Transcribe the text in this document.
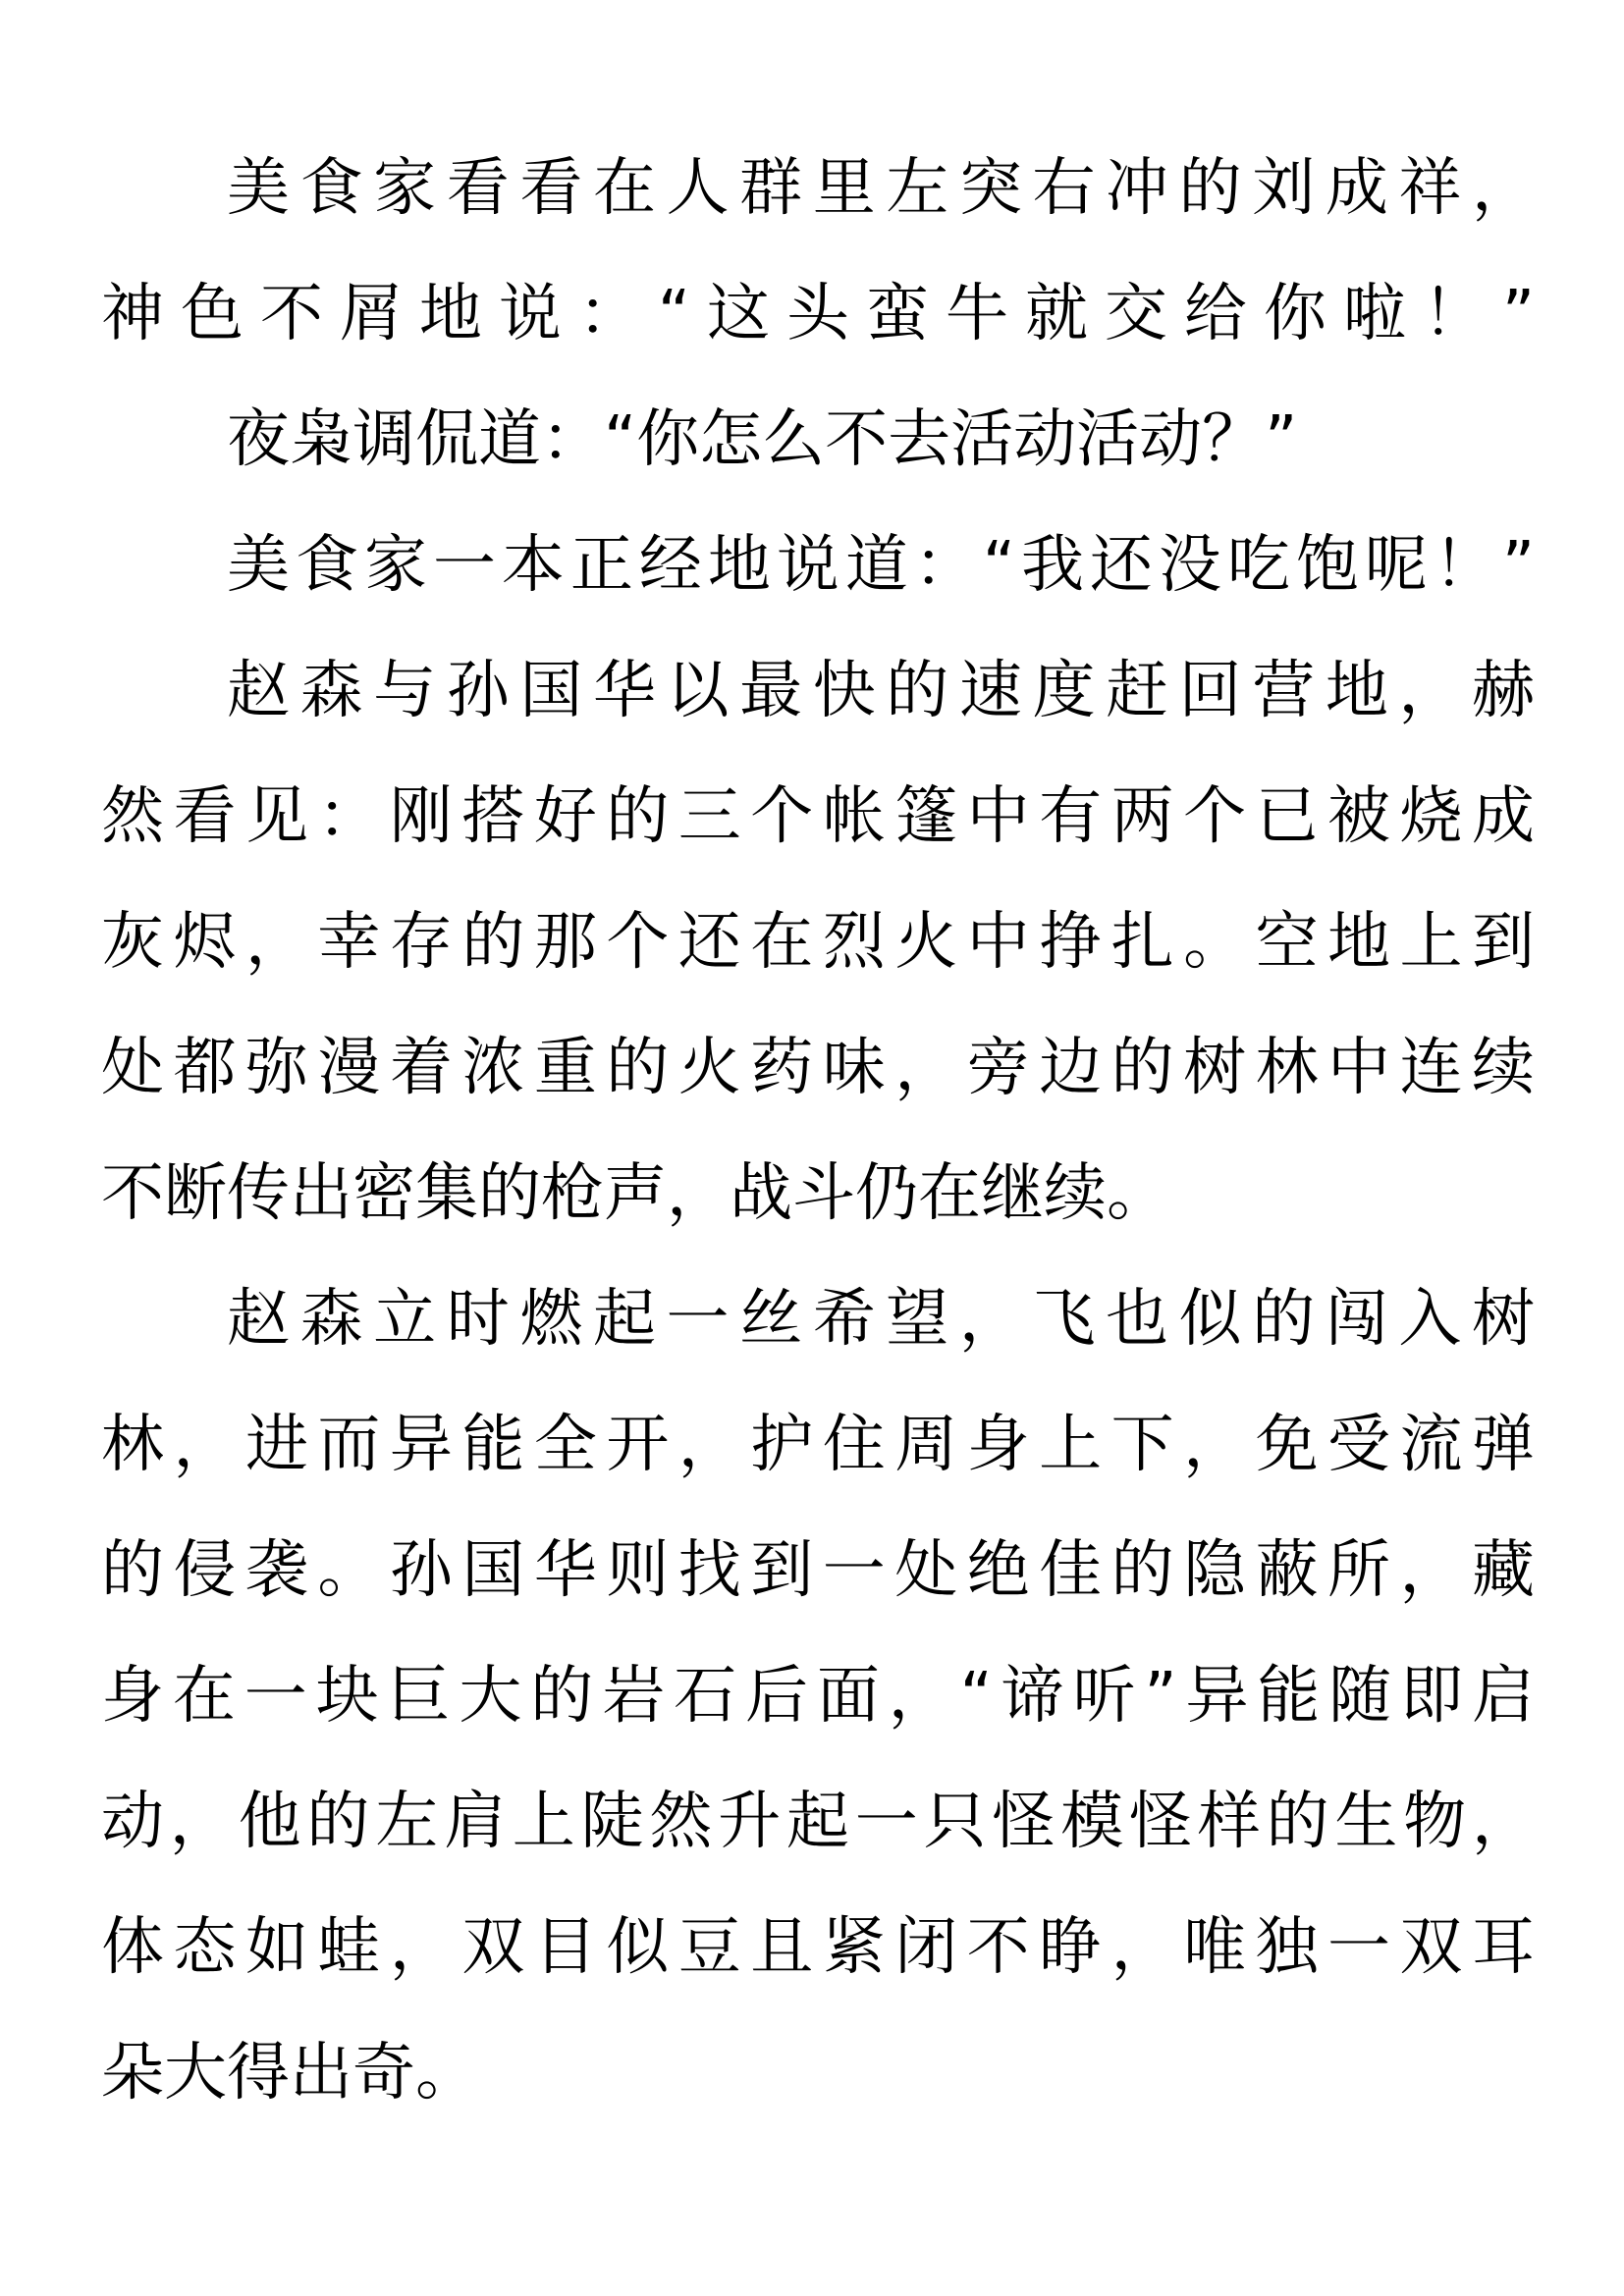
美食家看看在人群里左突右冲的刘成祥，
神色不屑地说：“这头蛮牛就交给你啦！”
夜枭调侃道：“你怎么不去活动活动？”
美食家一本正经地说道：“我还没吃饱呢！”
赵森与孙国华以最快的速度赶回营地，赫
然看见：刚搭好的三个帐篷中有两个已被烧成
灰烬，幸存的那个还在烈火中挣扎。空地上到
处都弥漫着浓重的火药味，旁边的树林中连续
不断传出密集的枪声，战斗仍在继续。
赵森立时燃起一丝希望，飞也似的闯入树
林，进而异能全开，护住周身上下，免受流弹
的侵袭。孙国华则找到一处绝佳的隐蔽所，藏
身在一块巨大的岩石后面，“谛听”异能随即启
动，他的左肩上陡然升起一只怪模怪样的生物，
体态如蛙，双目似豆且紧闭不睁，唯独一双耳
朵大得出奇。
